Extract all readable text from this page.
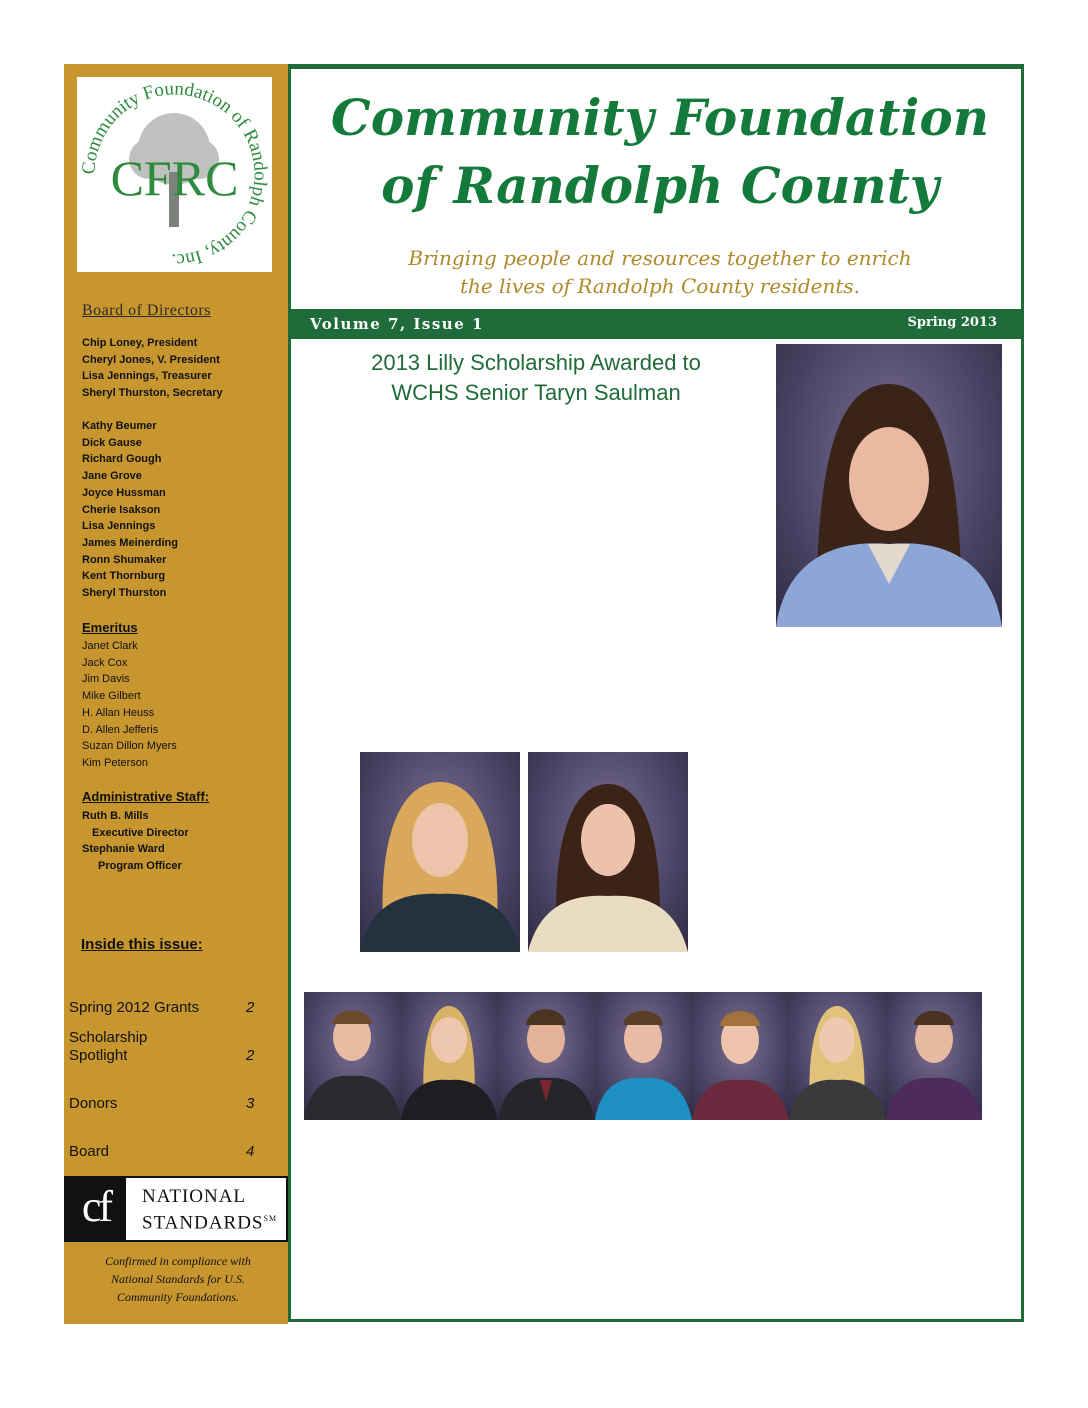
CFRC
Community Foundation of Randolph County, Inc.
Board of Directors
Chip Loney, President
Cheryl Jones, V. President
Lisa Jennings, Treasurer
Sheryl Thurston, Secretary
Kathy Beumer
Dick Gause
Richard Gough
Jane Grove
Joyce Hussman
Cherie Isakson
Lisa Jennings
James Meinerding
Ronn Shumaker
Kent Thornburg
Sheryl Thurston
Emeritus
Janet Clark
Jack Cox
Jim Davis
Mike Gilbert
H. Allan Heuss
D. Allen Jefferis
Suzan Dillon Myers
Kim Peterson
Administrative Staff:
Ruth B. Mills
Executive Director
Stephanie Ward
Program Officer
Inside this issue:
Spring 2012 Grants	2
Scholarship
Spotlight	2
Donors	3
Board	4
cf	NATIONAL
STANDARDS℠
Confirmed in compliance with
National Standards for U.S.
Community Foundations.
Community Foundation
of Randolph County
Bringing people and resources together to enrich
the lives of Randolph County residents.
Volume 7, Issue 1	Spring 2013
2013 Lilly Scholarship Awarded to
WCHS Senior Taryn Saulman
